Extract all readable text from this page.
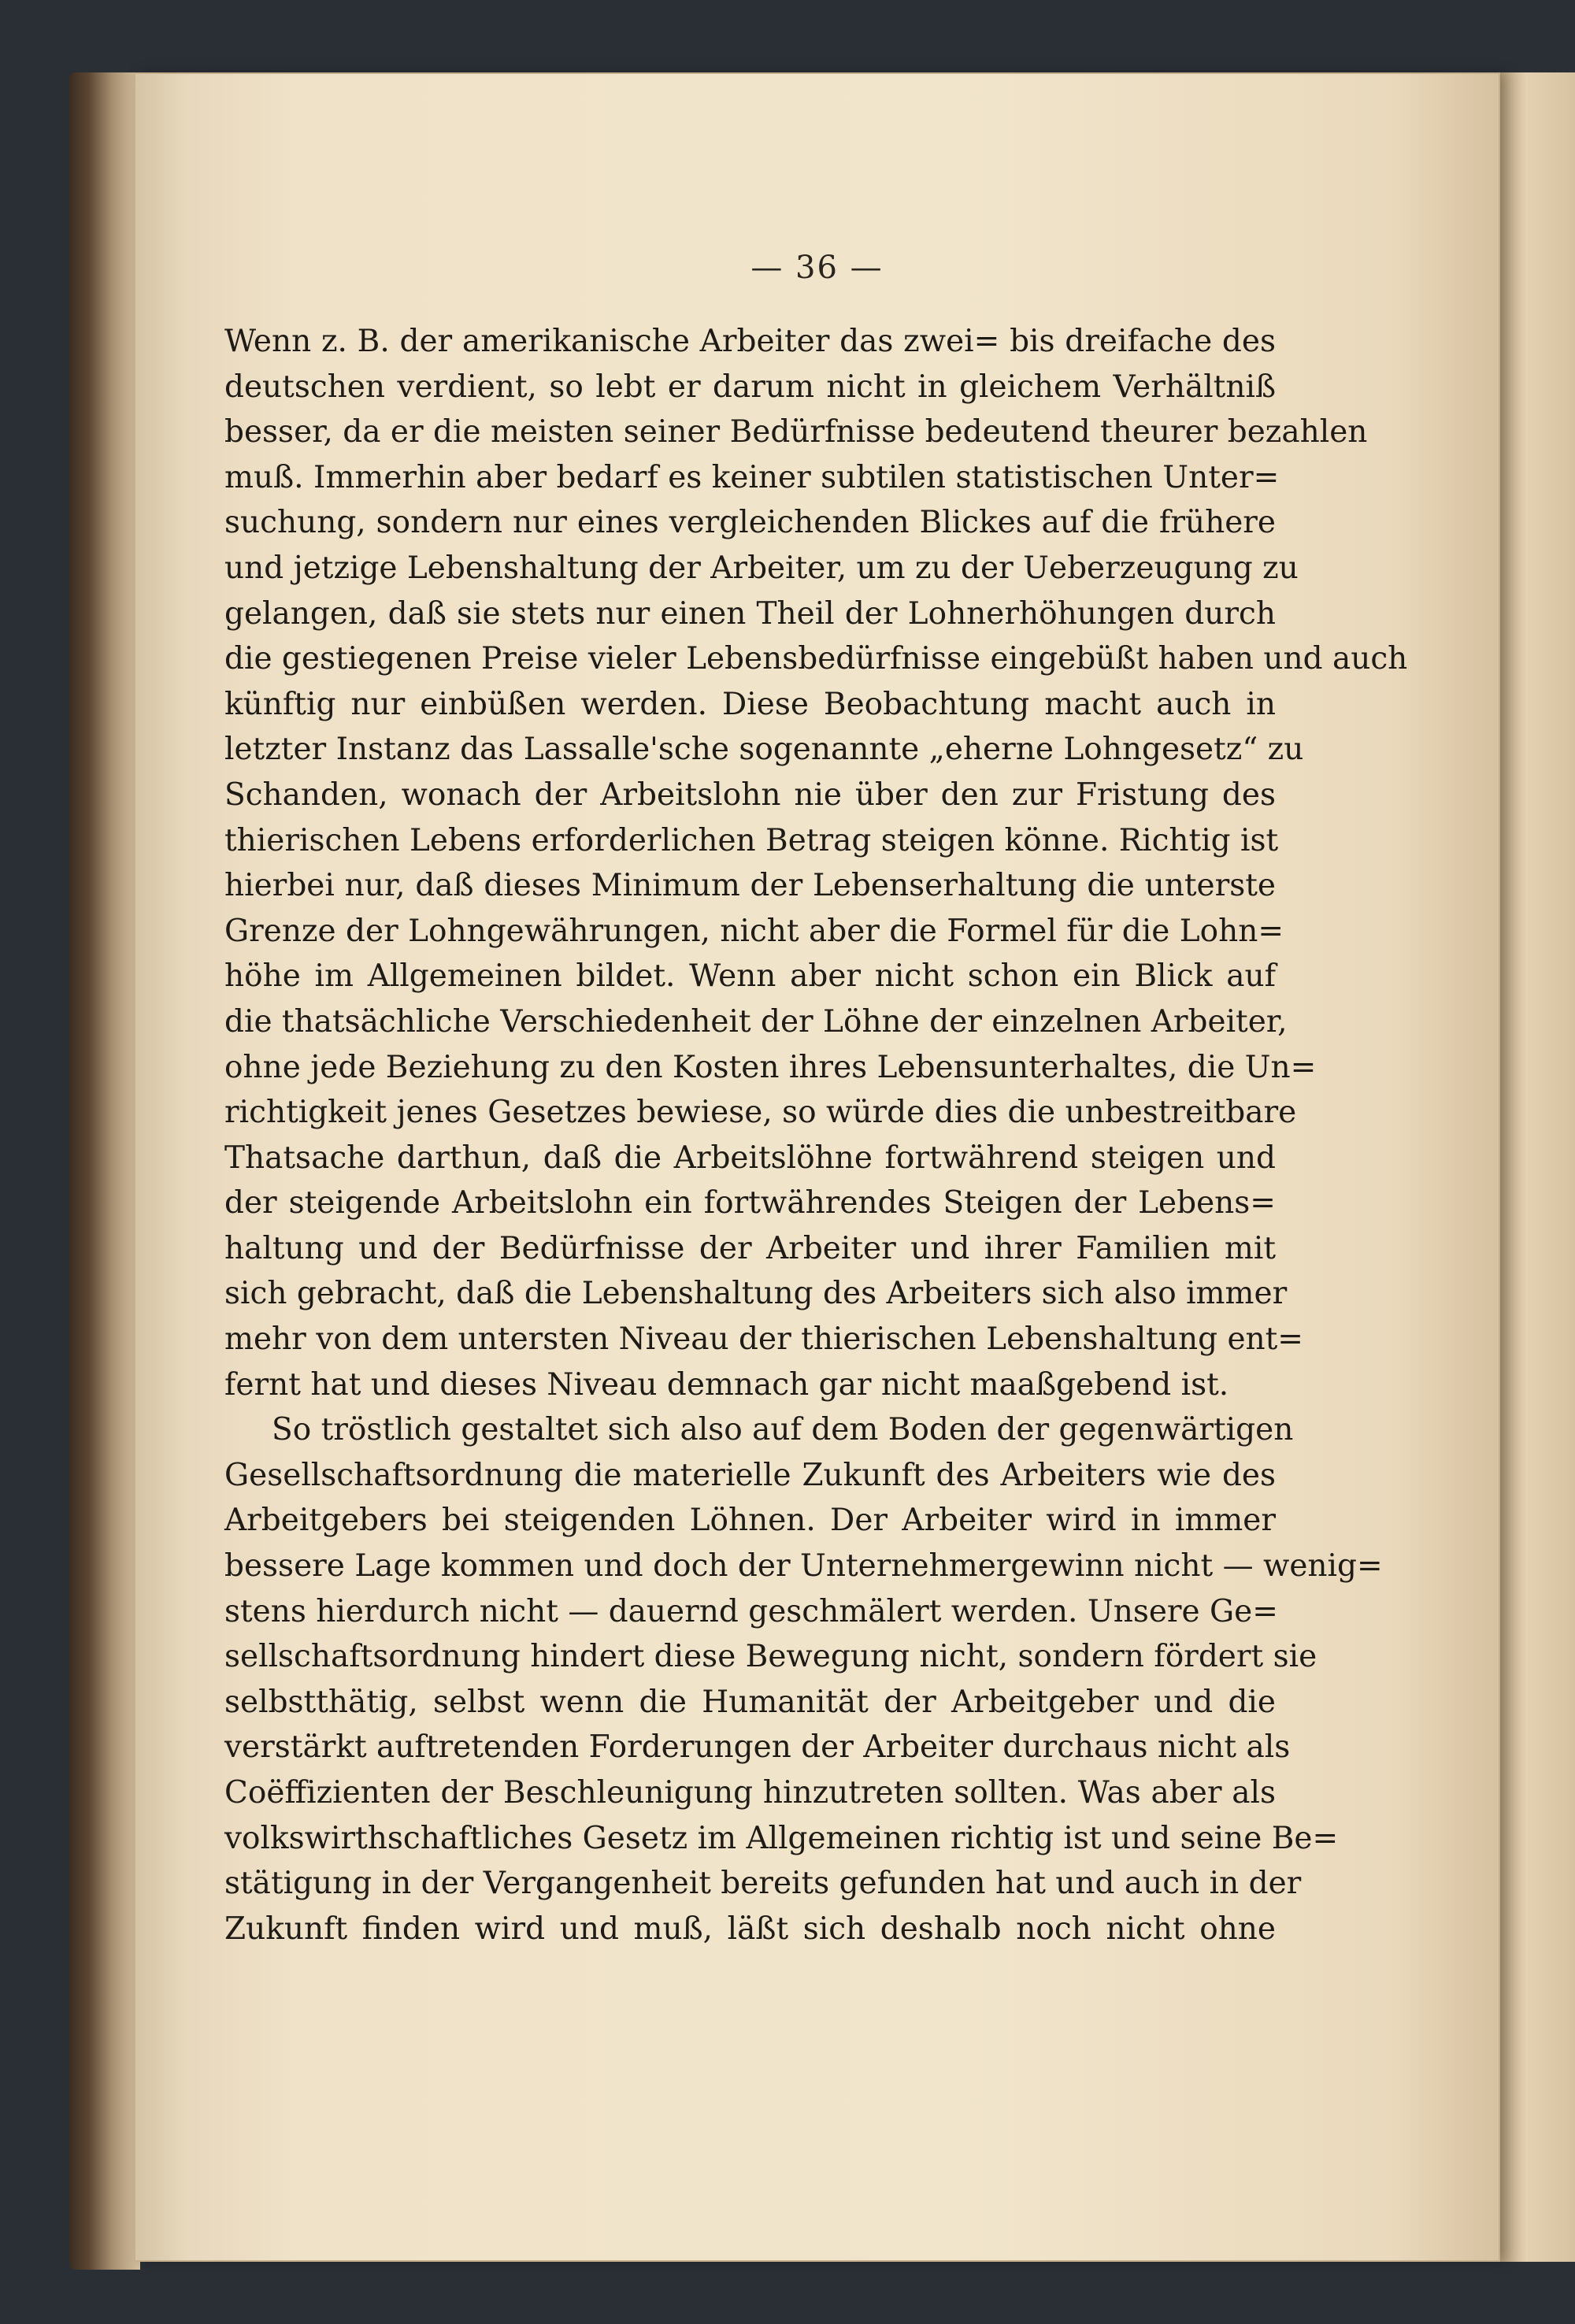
— 36 —
Wenn z. B. der amerikanische Arbeiter das zwei= bis dreifache des
deutschen verdient, so lebt er darum nicht in gleichem Verhältniß
besser, da er die meisten seiner Bedürfnisse bedeutend theurer bezahlen
muß. Immerhin aber bedarf es keiner subtilen statistischen Unter=
suchung, sondern nur eines vergleichenden Blickes auf die frühere
und jetzige Lebenshaltung der Arbeiter, um zu der Ueberzeugung zu
gelangen, daß sie stets nur einen Theil der Lohnerhöhungen durch
die gestiegenen Preise vieler Lebensbedürfnisse eingebüßt haben und auch
künftig nur einbüßen werden. Diese Beobachtung macht auch in
letzter Instanz das Lassalle'sche sogenannte „eherne Lohngesetz“ zu
Schanden, wonach der Arbeitslohn nie über den zur Fristung des
thierischen Lebens erforderlichen Betrag steigen könne. Richtig ist
hierbei nur, daß dieses Minimum der Lebenserhaltung die unterste
Grenze der Lohngewährungen, nicht aber die Formel für die Lohn=
höhe im Allgemeinen bildet. Wenn aber nicht schon ein Blick auf
die thatsächliche Verschiedenheit der Löhne der einzelnen Arbeiter,
ohne jede Beziehung zu den Kosten ihres Lebensunterhaltes, die Un=
richtigkeit jenes Gesetzes bewiese, so würde dies die unbestreitbare
Thatsache darthun, daß die Arbeitslöhne fortwährend steigen und
der steigende Arbeitslohn ein fortwährendes Steigen der Lebens=
haltung und der Bedürfnisse der Arbeiter und ihrer Familien mit
sich gebracht, daß die Lebenshaltung des Arbeiters sich also immer
mehr von dem untersten Niveau der thierischen Lebenshaltung ent=
fernt hat und dieses Niveau demnach gar nicht maaßgebend ist.
So tröstlich gestaltet sich also auf dem Boden der gegenwärtigen
Gesellschaftsordnung die materielle Zukunft des Arbeiters wie des
Arbeitgebers bei steigenden Löhnen. Der Arbeiter wird in immer
bessere Lage kommen und doch der Unternehmergewinn nicht — wenig=
stens hierdurch nicht — dauernd geschmälert werden. Unsere Ge=
sellschaftsordnung hindert diese Bewegung nicht, sondern fördert sie
selbstthätig, selbst wenn die Humanität der Arbeitgeber und die
verstärkt auftretenden Forderungen der Arbeiter durchaus nicht als
Coëffizienten der Beschleunigung hinzutreten sollten. Was aber als
volkswirthschaftliches Gesetz im Allgemeinen richtig ist und seine Be=
stätigung in der Vergangenheit bereits gefunden hat und auch in der
Zukunft finden wird und muß, läßt sich deshalb noch nicht ohne
